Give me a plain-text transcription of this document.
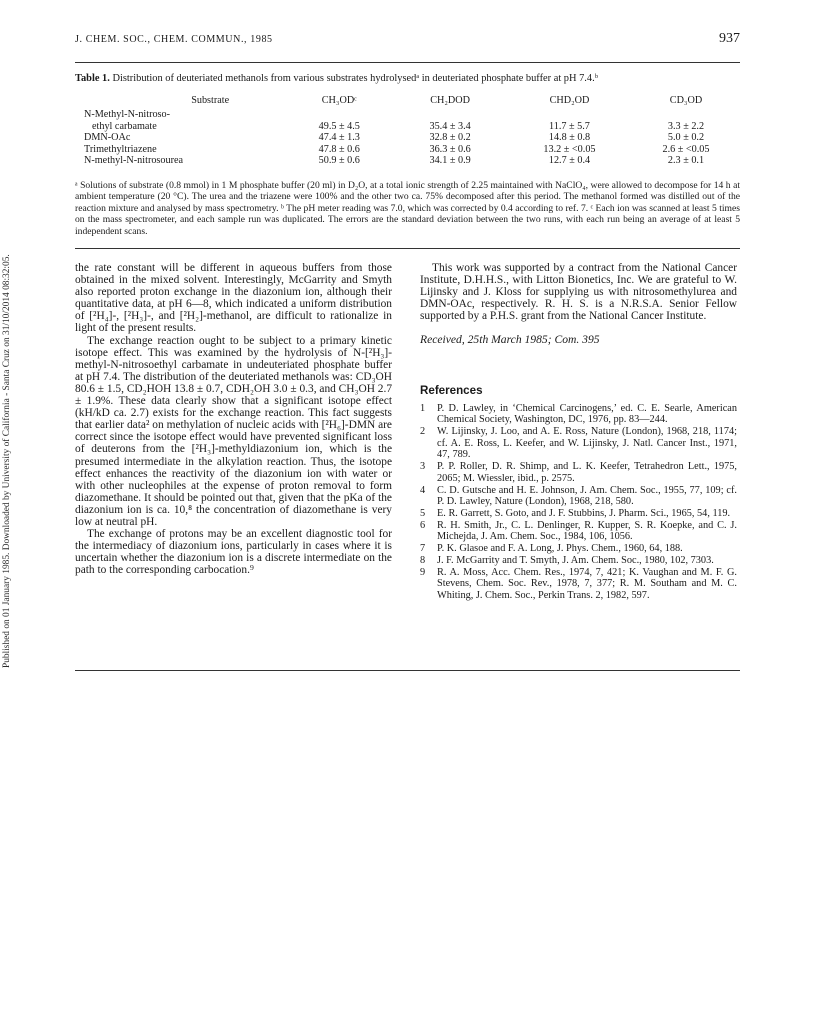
Published on 01 January 1985. Downloaded by University of California - Santa Cruz on 31/10/2014 08:32:05.
J. CHEM. SOC., CHEM. COMMUN., 1985	937
Table 1. Distribution of deuteriated methanols from various substrates hydrolysedᵃ in deuteriated phosphate buffer at pH 7.4.ᵇ
Substrate	CH₃ODᶜ	CH₂DOD	CHD₂OD	CD₃OD

N-Methyl-N-nitroso-
ethyl carbamate	49.5 ± 4.5	35.4 ± 3.4	11.7 ± 5.7	3.3 ± 2.2
DMN-OAc	47.4 ± 1.3	32.8 ± 0.2	14.8 ± 0.8	5.0 ± 0.2
Trimethyltriazene	47.8 ± 0.6	36.3 ± 0.6	13.2 ± <0.05	2.6 ± <0.05
N-methyl-N-nitrosourea	50.9 ± 0.6	34.1 ± 0.9	12.7 ± 0.4	2.3 ± 0.1
ᵃ Solutions of substrate (0.8 mmol) in 1 M phosphate buffer (20 ml) in D₂O, at a total ionic strength of 2.25 maintained with NaClO₄, were allowed to decompose for 14 h at ambient temperature (20 °C). The urea and the triazene were 100% and the other two ca. 75% decomposed after this period. The methanol formed was distilled out of the reaction mixture and analysed by mass spectrometry. ᵇ The pH meter reading was 7.0, which was corrected by 0.4 according to ref. 7. ᶜ Each ion was scanned at least 5 times on the mass spectrometer, and each sample run was duplicated. The errors are the standard deviation between the two runs, with each run being an average of at least 5 independent scans.

the rate constant will be different in aqueous buffers from those obtained in the mixed solvent. Interestingly, McGarrity and Smyth also reported proton exchange in the diazonium ion, although their quantitative data, at pH 6—8, which indicated a uniform distribution of [²H₄]-, [²H₃]-, and [²H₂]-methanol, are difficult to rationalize in light of the present results.

The exchange reaction ought to be subject to a primary kinetic isotope effect. This was examined by the hydrolysis of N-[²H₃]-methyl-N-nitrosoethyl carbamate in undeuteriated phosphate buffer at pH 7.4. The distribution of the deuteriated methanols was: CD₃OH 80.6 ± 1.5, CD₂HOH 13.8 ± 0.7, CDH₂OH 3.0 ± 0.3, and CH₃OH 2.7 ± 1.9%. These data clearly show that a significant isotope effect (kH/kD ca. 2.7) exists for the exchange reaction. This fact suggests that earlier data² on methylation of nucleic acids with [²H₆]-DMN are correct since the isotope effect would have prevented significant loss of deuterons from the [²H₃]-methyldiazonium ion, which is the presumed intermediate in the alkylation reaction. Thus, the isotope effect enhances the reactivity of the diazonium ion with water or with other nucleophiles at the expense of proton removal to form diazomethane. It should be pointed out that, given that the pKa of the diazonium ion is ca. 10,⁸ the concentration of diazomethane is very low at neutral pH.

The exchange of protons may be an excellent diagnostic tool for the intermediacy of diazonium ions, particularly in cases where it is uncertain whether the diazonium ion is a discrete intermediate on the path to the corresponding carbocation.⁹

This work was supported by a contract from the National Cancer Institute, D.H.H.S., with Litton Bionetics, Inc. We are grateful to W. Lijinsky and J. Kloss for supplying us with nitrosomethylurea and DMN-OAc, respectively. R. H. S. is a N.R.S.A. Senior Fellow supported by a P.H.S. grant from the National Cancer Institute.

Received, 25th March 1985; Com. 395

References

1 P. D. Lawley, in ‘Chemical Carcinogens,’ ed. C. E. Searle, American Chemical Society, Washington, DC, 1976, pp. 83—244.
2 W. Lijinsky, J. Loo, and A. E. Ross, Nature (London), 1968, 218, 1174; cf. A. E. Ross, L. Keefer, and W. Lijinsky, J. Natl. Cancer Inst., 1971, 47, 789.
3 P. P. Roller, D. R. Shimp, and L. K. Keefer, Tetrahedron Lett., 1975, 2065; M. Wiessler, ibid., p. 2575.
4 C. D. Gutsche and H. E. Johnson, J. Am. Chem. Soc., 1955, 77, 109; cf. P. D. Lawley, Nature (London), 1968, 218, 580.
5 E. R. Garrett, S. Goto, and J. F. Stubbins, J. Pharm. Sci., 1965, 54, 119.
6 R. H. Smith, Jr., C. L. Denlinger, R. Kupper, S. R. Koepke, and C. J. Michejda, J. Am. Chem. Soc., 1984, 106, 1056.
7 P. K. Glasoe and F. A. Long, J. Phys. Chem., 1960, 64, 188.
8 J. F. McGarrity and T. Smyth, J. Am. Chem. Soc., 1980, 102, 7303.
9 R. A. Moss, Acc. Chem. Res., 1974, 7, 421; K. Vaughan and M. F. G. Stevens, Chem. Soc. Rev., 1978, 7, 377; R. M. Southam and M. C. Whiting, J. Chem. Soc., Perkin Trans. 2, 1982, 597.
